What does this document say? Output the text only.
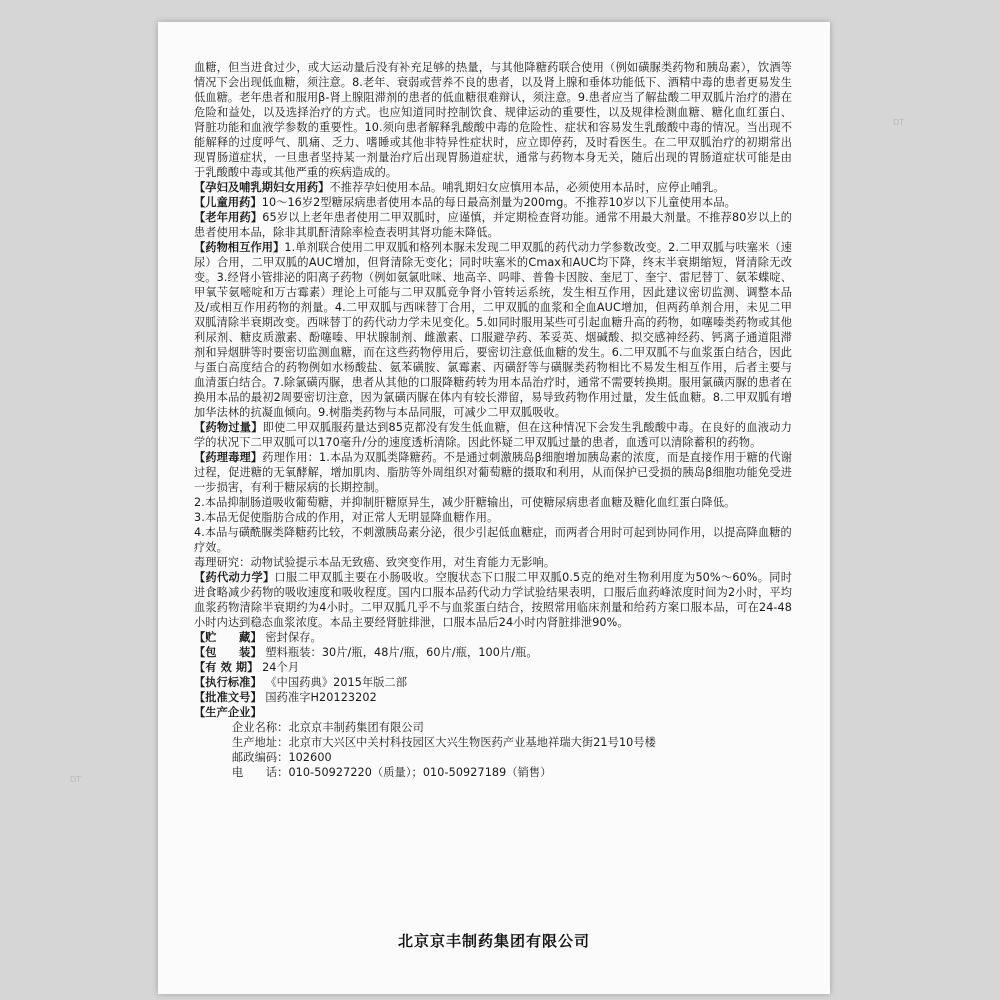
DT
DT

血糖，但当进食过少，或大运动量后没有补充足够的热量，与其他降糖药联合使用（例如磺脲类药物和胰岛素），饮酒等情况下会出现低血糖，须注意。8.老年、衰弱或营养不良的患者，以及肾上腺和垂体功能低下、酒精中毒的患者更易发生低血糖。老年患者和服用β-肾上腺阻滞剂的患者的低血糖很难辩认，须注意。9.患者应当了解盐酸二甲双胍片治疗的潜在危险和益处，以及选择治疗的方式。也应知道同时控制饮食、规律运动的重要性，以及规律检测血糖、糖化血红蛋白、肾脏功能和血液学参数的重要性。10.须向患者解释乳酸酸中毒的危险性、症状和容易发生乳酸酸中毒的情况。当出现不能解释的过度呼气、肌痛、乏力、嗜睡或其他非特异性症状时，应立即停药，及时看医生。在二甲双胍治疗的初期常出现胃肠道症状，一旦患者坚持某一剂量治疗后出现胃肠道症状，通常与药物本身无关，随后出现的胃肠道症状可能是由于乳酸酸中毒或其他严重的疾病造成的。

【孕妇及哺乳期妇女用药】不推荐孕妇使用本品。哺乳期妇女应慎用本品，必须使用本品时，应停止哺乳。

【儿童用药】10～16岁2型糖尿病患者使用本品的每日最高剂量为200mg。不推荐10岁以下儿童使用本品。

【老年用药】65岁以上老年患者使用二甲双胍时，应谨慎，并定期检查肾功能。通常不用最大剂量。不推荐80岁以上的患者使用本品，除非其肌酐清除率检查表明其肾功能未降低。

【药物相互作用】1.单剂联合使用二甲双胍和格列本脲未发现二甲双胍的药代动力学参数改变。2.二甲双胍与呋塞米（速尿）合用，二甲双胍的AUC增加，但肾清除无变化；同时呋塞米的Cmax和AUC均下降，终末半衰期缩短，肾清除无改变。3.经肾小管排泌的阳离子药物（例如氨氯吡咪、地高辛、吗啡、普鲁卡因胺、奎尼丁、奎宁、雷尼替丁、氨苯蝶啶、甲氧苄氨嘧啶和万古霉素）理论上可能与二甲双胍竞争肾小管转运系统，发生相互作用，因此建议密切监测、调整本品及/或相互作用药物的剂量。4.二甲双胍与西咪替丁合用，二甲双胍的血浆和全血AUC增加，但两药单剂合用，未见二甲双胍清除半衰期改变。西咪替丁的药代动力学未见变化。5.如同时服用某些可引起血糖升高的药物，如噻嗪类药物或其他利尿剂、糖皮质激素、酚噻嗪、甲状腺制剂、雌激素、口服避孕药、苯妥英、烟碱酸、拟交感神经药、钙离子通道阻滞剂和异烟肼等时要密切监测血糖，而在这些药物停用后，要密切注意低血糖的发生。6.二甲双胍不与血浆蛋白结合，因此与蛋白高度结合的药物例如水杨酸盐、氨苯磺胺、氯霉素、丙磺舒等与磺脲类药物相比不易发生相互作用，后者主要与血清蛋白结合。7.除氯磺丙脲，患者从其他的口服降糖药转为用本品治疗时，通常不需要转换期。服用氯磺丙脲的患者在换用本品的最初2周要密切注意，因为氯磺丙脲在体内有较长滞留，易导致药物作用过量，发生低血糖。8.二甲双胍有增加华法林的抗凝血倾向。9.树脂类药物与本品同服，可减少二甲双胍吸收。

【药物过量】即使二甲双胍服药量达到85克都没有发生低血糖，但在这种情况下会发生乳酸酸中毒。在良好的血液动力学的状况下二甲双胍可以170毫升/分的速度透析清除。因此怀疑二甲双胍过量的患者，血透可以清除蓄积的药物。

【药理毒理】药理作用：1.本品为双胍类降糖药。不是通过刺激胰岛β细胞增加胰岛素的浓度，而是直接作用于糖的代谢过程，促进糖的无氧酵解，增加肌肉、脂肪等外周组织对葡萄糖的摄取和利用，从而保护已受损的胰岛β细胞功能免受进一步损害，有利于糖尿病的长期控制。

2.本品抑制肠道吸收葡萄糖，并抑制肝糖原异生，减少肝糖输出，可使糖尿病患者血糖及糖化血红蛋白降低。

3.本品无促使脂肪合成的作用，对正常人无明显降血糖作用。

4.本品与磺酰脲类降糖药比较，不刺激胰岛素分泌，很少引起低血糖症，而两者合用时可起到协同作用，以提高降血糖的疗效。

毒理研究：动物试验提示本品无致癌、致突变作用，对生育能力无影响。

【药代动力学】口服二甲双胍主要在小肠吸收。空腹状态下口服二甲双胍0.5克的绝对生物利用度为50%～60%。同时进食略减少药物的吸收速度和吸收程度。国内口服本品药代动力学试验结果表明，口服后血药峰浓度时间为2小时，平均血浆药物清除半衰期约为4小时。二甲双胍几乎不与血浆蛋白结合，按照常用临床剂量和给药方案口服本品，可在24-48小时内达到稳态血浆浓度。本品主要经肾脏排泄，口服本品后24小时内肾脏排泄90%。

【贮　　藏】 密封保存。
【包　　装】 塑料瓶装：30片/瓶，48片/瓶，60片/瓶，100片/瓶。
【有 效 期】 24个月
【执行标准】 《中国药典》2015年版二部
【批准文号】 国药准字H20123202
【生产企业】
企业名称：北京京丰制药集团有限公司
生产地址：北京市大兴区中关村科技园区大兴生物医药产业基地祥瑞大街21号10号楼
邮政编码：102600
电　　话：010-50927220（质量）；010-50927189（销售）
北京京丰制药集团有限公司
